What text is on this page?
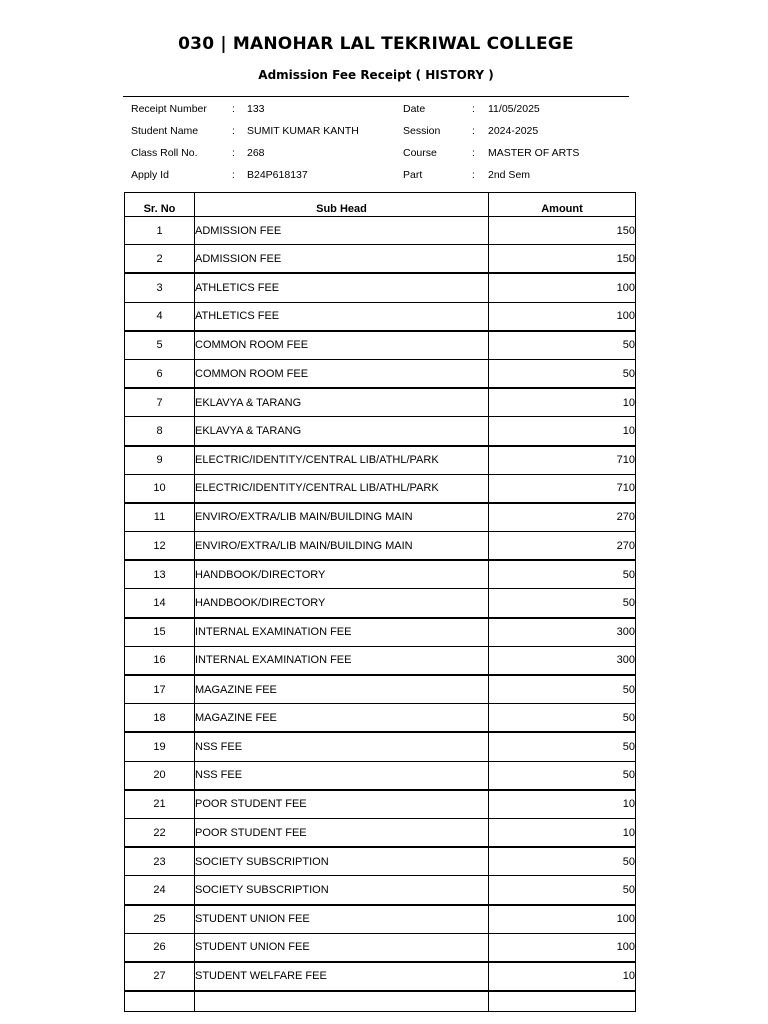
030 | MANOHAR LAL TEKRIWAL COLLEGE
Admission Fee Receipt ( HISTORY )
Receipt Number : 133	Date	: 11/05/2025
Student Name	: SUMIT KUMAR KANTH	Session	: 2024-2025
Class Roll No.	: 268	Course	: MASTER OF ARTS
Apply Id	: B24P618137	Part	: 2nd Sem
Sr. No	Sub Head	Amount
1	ADMISSION FEE	150
2	ADMISSION FEE	150
3	ATHLETICS FEE	100
4	ATHLETICS FEE	100
5	COMMON ROOM FEE	50
6	COMMON ROOM FEE	50
7	EKLAVYA & TARANG	10
8	EKLAVYA & TARANG	10
9	ELECTRIC/IDENTITY/CENTRAL LIB/ATHL/PARK	710
10	ELECTRIC/IDENTITY/CENTRAL LIB/ATHL/PARK	710
11	ENVIRO/EXTRA/LIB MAIN/BUILDING MAIN	270
12	ENVIRO/EXTRA/LIB MAIN/BUILDING MAIN	270
13	HANDBOOK/DIRECTORY	50
14	HANDBOOK/DIRECTORY	50
15	INTERNAL EXAMINATION FEE	300
16	INTERNAL EXAMINATION FEE	300
17	MAGAZINE FEE	50
18	MAGAZINE FEE	50
19	NSS FEE	50
20	NSS FEE	50
21	POOR STUDENT FEE	10
22	POOR STUDENT FEE	10
23	SOCIETY SUBSCRIPTION	50
24	SOCIETY SUBSCRIPTION	50
25	STUDENT UNION FEE	100
26	STUDENT UNION FEE	100
27	STUDENT WELFARE FEE	10
